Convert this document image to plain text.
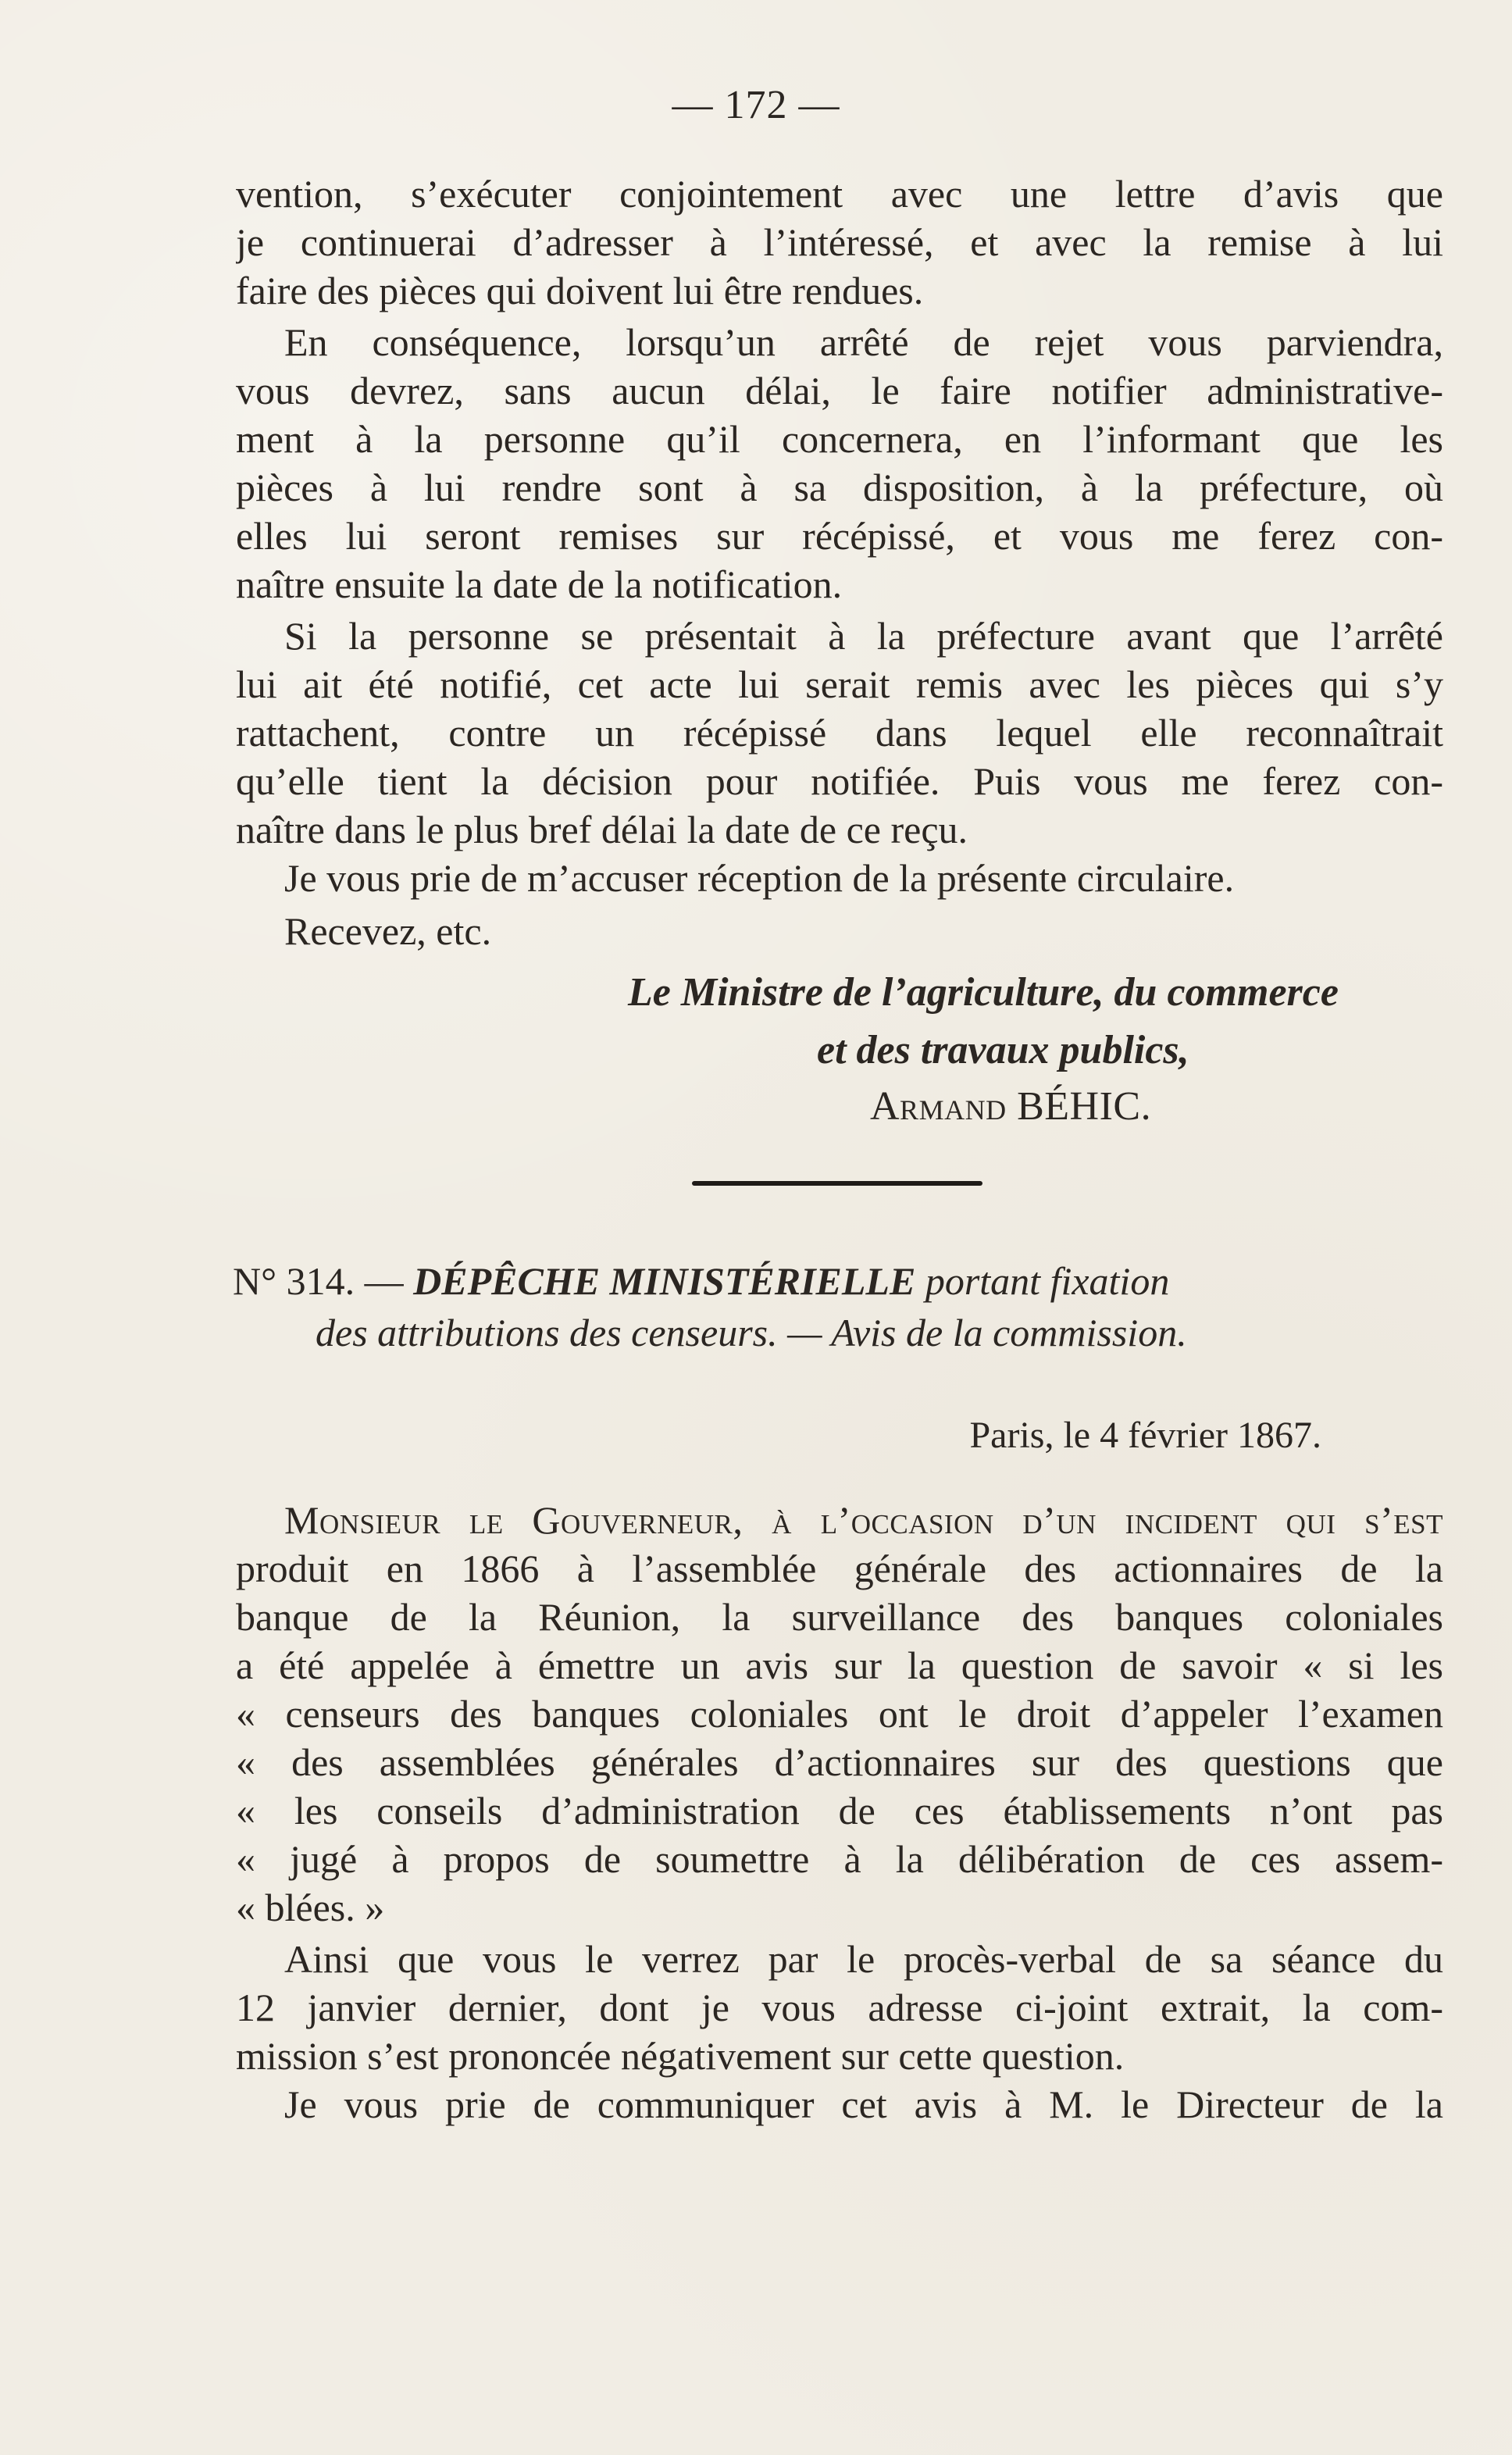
— 172 —
vention, s’exécuter conjointement avec une lettre d’avis que
je continuerai d’adresser à l’intéressé, et avec la remise à lui
faire des pièces qui doivent lui être rendues.
En conséquence, lorsqu’un arrêté de rejet vous parviendra,
vous devrez, sans aucun délai, le faire notifier administrative-
ment à la personne qu’il concernera, en l’informant que les
pièces à lui rendre sont à sa disposition, à la préfecture, où
elles lui seront remises sur récépissé, et vous me ferez con-
naître ensuite la date de la notification.
Si la personne se présentait à la préfecture avant que l’arrêté
lui ait été notifié, cet acte lui serait remis avec les pièces qui s’y
rattachent, contre un récépissé dans lequel elle reconnaîtrait
qu’elle tient la décision pour notifiée. Puis vous me ferez con-
naître dans le plus bref délai la date de ce reçu.
Je vous prie de m’accuser réception de la présente circulaire.
Recevez, etc.
Le Ministre de l’agriculture, du commerce
et des travaux publics,
Armand BÉHIC.
N° 314. — DÉPÊCHE MINISTÉRIELLE portant fixation
des attributions des censeurs. — Avis de la commission.
Paris, le 4 février 1867.
Monsieur le Gouverneur, à l’occasion d’un incident qui s’est
produit en 1866 à l’assemblée générale des actionnaires de la
banque de la Réunion, la surveillance des banques coloniales
a été appelée à émettre un avis sur la question de savoir « si les
« censeurs des banques coloniales ont le droit d’appeler l’examen
« des assemblées générales d’actionnaires sur des questions que
« les conseils d’administration de ces établissements n’ont pas
« jugé à propos de soumettre à la délibération de ces assem-
« blées. »
Ainsi que vous le verrez par le procès-verbal de sa séance du
12 janvier dernier, dont je vous adresse ci-joint extrait, la com-
mission s’est prononcée négativement sur cette question.
Je vous prie de communiquer cet avis à M. le Directeur de la
